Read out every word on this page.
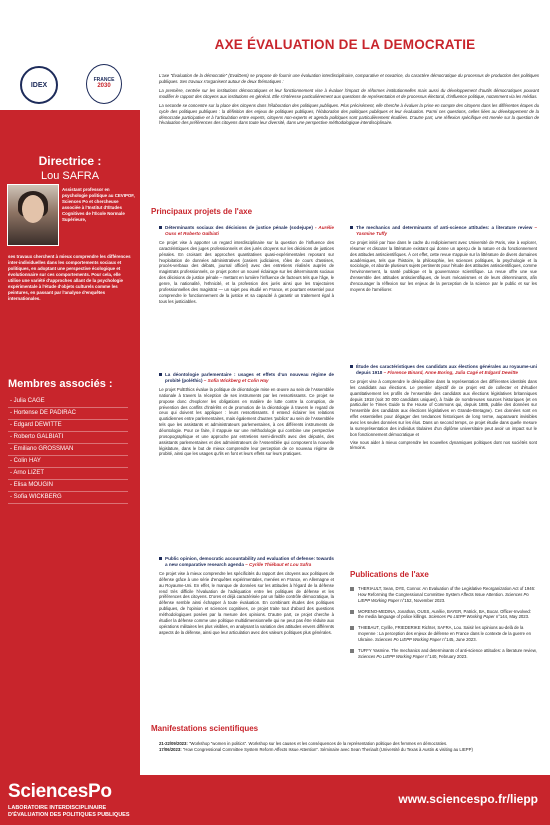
IDEX
FRANCE
2030
Directrice :
Lou SAFRA
Assistant professor en psychologie politique au CEVIPOF, Sciences Po et chercheuse associée à l'Institut d'Études Cognitives de l'École Normale Supérieure,
ses travaux cherchent à mieux comprendre les différences inter-individuelles dans les comportements sociaux et politiques, en adoptant une perspective écologique et évolutionnaire sur ces comportements. Pour cela, elle utilise une variété d'approches allant de la psychologie expérimentale à l'étude d'objets culturels comme les peintures, en passant par l'analyse d'enquêtes internationales.
Membres associés :
- Julia CAGE
- Hortense DE PADIRAC
- Edgard DEWITTE
- Roberto GALBIATI
- Emiliano GROSSMAN
- Colin HAY
- Arno LIZET
- Elisa MOUGIN
- Sofia WICKBERG
AXE ÉVALUATION DE LA DEMOCRATIE

L'axe "Évaluation de la démocratie" (EvalDem) se propose de fournir une évaluation interdisciplinaire, comparative et novatrice, du caractère démocratique du processus de production des politiques publiques. Ses travaux s'organisent autour de deux thématiques :

La première, centrée sur les institutions démocratiques et leur fonctionnement vise à évaluer l'impact de réformes institutionnelles mais aussi du développement d'outils démocratiques pouvant modifier le rapport des citoyens aux institutions en général. Elle s'intéresse particulièrement aux questions de représentation et de processus électoral, d'influence politique, notamment via les médias.

La seconde se concentre sur la place des citoyens dans l'élaboration des politiques publiques. Plus précisément, elle cherche à évaluer la prise en compte des citoyens dans les différentes étapes du cycle des politiques publiques : la définition des enjeux de politiques publiques, l'élaboration des politiques publiques et leur évaluation. Parmi ces questions, celles liées au développement de la démocratie participative et à l'articulation entre experts, citoyens non-experts et agenda politiques sont particulièrement étudiées. D'autre part, une réflexion spécifique est menée sur la question de l'évaluation des préférences des citoyens dans toute leur diversité, dans une perspective méthodologique interdisciplinaire.

Principaux projets de l'axe
Déterminants sociaux des décisions de justice pénale (sodejupe) - Aurélie Ouss et Roberto Galbiati

Ce projet vise à apporter un regard interdisciplinaire sur la question de l'influence des caractéristiques des juges professionnels et des jurés citoyens sur les décisions de justices pénales. En croisant des approches quantitatives quasi-expérimentales reposant sur l'exploitation de données administratives (casiers judiciaires, rôles de cours d'assises, procès-verbaux des débats, journal officiel) avec des entretiens réalisés auprès de magistrats professionnels, ce projet porter un nouvel éclairage sur les déterminants sociaux des décisions de justice pénale – mettant en lumière l'influence de facteurs tels que l'âge, le genre, la nationalité, l'ethnicité, et la profession des jurés ainsi que les trajectoires professionnelles des magistrat — un sujet peu étudié en France, et pourtant essentiel pour comprendre le fonctionnement de la justice et sa capacité à garantir un traitement égal à tous les justiciables.

La déontologie parlementaire : usages et effets d'un nouveau régime de probité (poléthic) – Sofia Wickberg et Colin Hay

Le projet PolEthics évalue la politique de déontologie mise en œuvre au sein de l'Assemblée nationale à travers la réception de ses instruments par les ressortissants. Ce projet se propose donc d'explorer les obligations en matière de lutte contre la corruption, de prévention des conflits d'intérêts et de promotion de la déontologie à travers le regard de ceux qui doivent les appliquer : leurs ressortissants. Il entend éclairer les relations quotidiennes entre parlementaires, mais également d'autres 'publics' au sein de l'Assemblée tels que les assistants et administrateurs parlementaires, à ces différents instruments de déontologie. Pour ce faire, il s'appuie sur une méthodologie qui combine une perspective prosopographique et une approche par entretiens semi-directifs avec des députés, des assistants parlementaires et des administrateurs de l'Assemblée qui composent la nouvelle législature, dans le but de mieux comprendre leur perception de ce nouveau régime de probité, ainsi que les usages qu'ils en font et leurs effets sur leurs pratiques.

Public opinion, democratic accountability and evaluation of defense: towards a new comparative research agenda – Cyrille Thiébaut et Lou Safra

Ce projet vise à mieux comprendre les spécificités du rapport des citoyens aux politiques de défense grâce à une série d'enquêtes expérimentales, menées en France, en Allemagne et au Royaume-Uni. En effet, le manque de données sur les attitudes à l'égard de la défense rend très difficile l'évaluation de l'adéquation entre les politiques de défense et les préférences des citoyens. D'ores et déjà caractérisée par un faible contrôle démocratique, la défense semble ainsi échapper à toute évaluation. En combinant études des politiques publiques, de l'opinion et sciences cognitives, ce projet traite tout d'abord des questions méthodologiques posées par la mesure des opinions. D'autre part, ce projet cherche à étudier la défense comme une politique multidimensionnelle qui ne peut pas être réduite aux opérations militaires les plus visibles, en analysant la variation des attitudes envers différents aspects de la défense, ainsi que leur articulation avec des valeurs politiques plus générales.

The mechanics and determinants of anti-science attitudes: a literature review – Yasmine Tuffy

Ce projet initié par l'axe dans le cadre du rediploiement avec Université de Paris, vise à explorer, résumer et discuter la littérature existant qui donne un aperçu de la nature et du fonctionnement des attitudes antiscientifiques. À cet effet, cette revue s'appuie sur la littérature de divers domaines académiques, tels que l'histoire, la philosophie, les sciences politiques, la psychologie et la sociologie, et aborde plusieurs sujets pertinents pour l'étude des attitudes antiscientifiques, comme l'environnement, la santé publique et la gouvernance scientifique. La revue offre une vue d'ensemble des attitudes antiscientifiques, de leurs mécanismes et de leurs déterminants, afin d'encourager la réflexion sur les enjeux de la perception de la science par le public et sur les moyens de l'améliorer.

Étude des caractéristiques des candidats aux élections générales au royaume-uni depuis 1918 – Florence Binard, Anne Boring, Julia Cagé et Edgard Dewitte

Ce projet vise à comprendre le déséquilibre dans la représentation des différentes identités dans les candidats aux élections. Le premier objectif de ce projet est de collecter et d'étudier quantitativement les profils de l'ensemble des candidats aux élections législatives britanniques depuis 1918 (soit 30 000 candidats uniques), à l'aide de nombreuses sources historiques (et en particulier le Times Guide to the House of Commons qui, depuis 1885, publie des données sur l'ensemble des candidats aux élections législatives en Grande-Bretagne). Ces données sont en effet essentielles pour dégager des tendances historiques de long terme, auparavant invisibles avec les seules données sur les élus. Dans un second temps, ce projet étudie dans quelle mesure la surreprésentation des individus titulaires d'un diplôme universitaire peut avoir un impact sur le bon fonctionnement démocratique et

Vise nous aider à mieux comprendre les nouvelles dynamiques politiques dont nos sociétés sont témoins.

Publications de l'axe
THERIAULT, Sean, DYE, Connor. An Evaluation of the Legislative Reorganization Act of 1946: How Reforming the Congressional Committee System Affects Issue Attention. Sciences Po LIEPP Working Paper n°152, November 2023.
MORENO-MEDINA, Jonathan, OUSS, Aurélie, BAYER, Patrick, BA, Bocar. Officer-Involved: the media language of police killings. Sciences Po LIEPP Working Paper n°144, May 2023.
THIEBAUT, Cyrille, FRIEDERIKE Richter, SAFRA, Lou. Saisir les opinions au-delà de la moyenne : La perception des enjeux de défense en France dans le contexte de la guerre en Ukraine. Sciences Po LIEPP Working Paper n°145, June 2023.
TUFFY Yasmine. The mechanics and determinants of anti-science attitudes: a literature review, Sciences Po LIEPP Working Paper n°140, February 2023.
Manifestations scientifiques
21-22/09/2023: "Workshop "women in politics". Workshop sur les causes et les conséquences de la représentation politique des femmes en démocraties.
17/06/2023: "How Congressional Committee System Reform Affects Issue Attention". Séminaire avec Sean Theriault (Université du Texas à Austin & visiting au LIEPP)
SciencesPo
LABORATOIRE INTERDISCIPLINAIRE
D'ÉVALUATION DES POLITIQUES PUBLIQUES
www.sciencespo.fr/liepp
